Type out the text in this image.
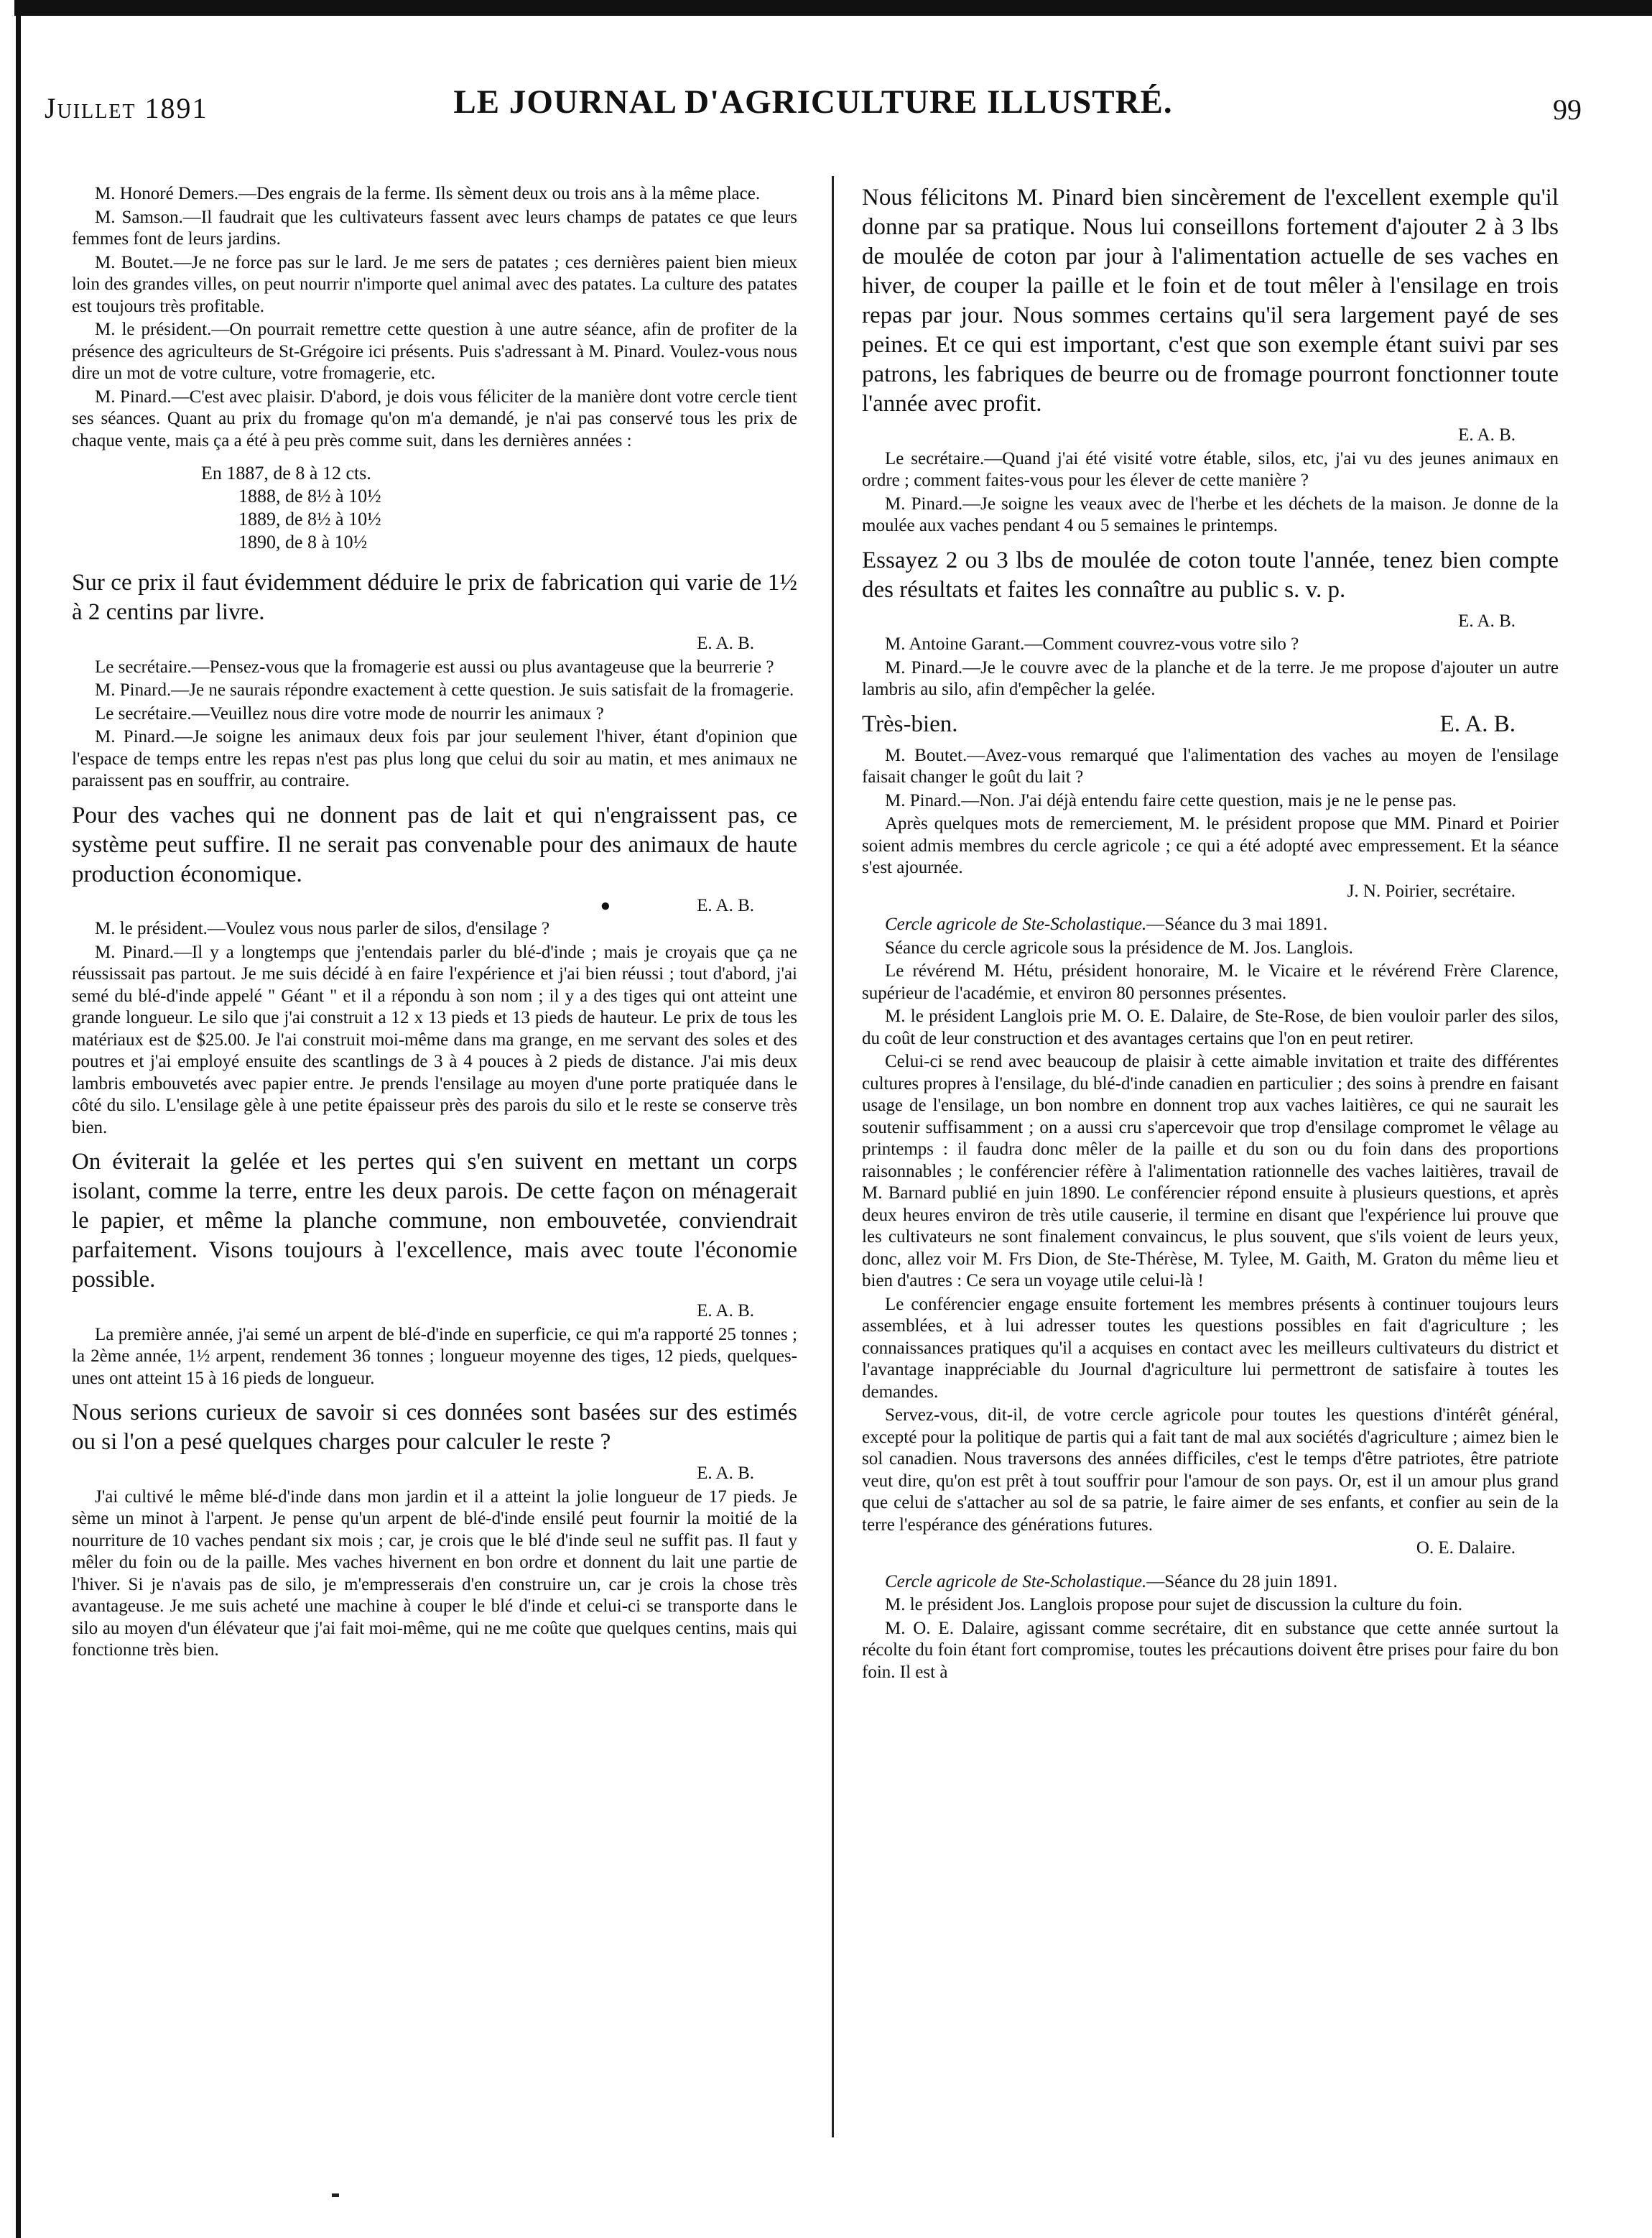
Juillet 1891	LE JOURNAL D'AGRICULTURE ILLUSTRÉ.	99

M. Honoré Demers.—Des engrais de la ferme. Ils sèment deux ou trois ans à la même place.

M. Samson.—Il faudrait que les cultivateurs fassent avec leurs champs de patates ce que leurs femmes font de leurs jardins.

M. Boutet.—Je ne force pas sur le lard. Je me sers de patates ; ces dernières paient bien mieux loin des grandes villes, on peut nourrir n'importe quel animal avec des patates. La culture des patates est toujours très profitable.

M. le président.—On pourrait remettre cette question à une autre séance, afin de profiter de la présence des agriculteurs de St-Grégoire ici présents. Puis s'adressant à M. Pinard. Voulez-vous nous dire un mot de votre culture, votre fromagerie, etc.

M. Pinard.—C'est avec plaisir. D'abord, je dois vous féliciter de la manière dont votre cercle tient ses séances. Quant au prix du fromage qu'on m'a demandé, je n'ai pas conservé tous les prix de chaque vente, mais ça a été à peu près comme suit, dans les dernières années :

En 1887, de 8 à 12 cts.
1888, de 8½ à 10½
1889, de 8½ à 10½
1890, de 8 à 10½

Sur ce prix il faut évidemment déduire le prix de fabrication qui varie de 1½ à 2 centins par livre.

E. A. B.

Le secrétaire.—Pensez-vous que la fromagerie est aussi ou plus avantageuse que la beurrerie ?

M. Pinard.—Je ne saurais répondre exactement à cette question. Je suis satisfait de la fromagerie.

Le secrétaire.—Veuillez nous dire votre mode de nourrir les animaux ?

M. Pinard.—Je soigne les animaux deux fois par jour seulement l'hiver, étant d'opinion que l'espace de temps entre les repas n'est pas plus long que celui du soir au matin, et mes animaux ne paraissent pas en souffrir, au contraire.

Pour des vaches qui ne donnent pas de lait et qui n'engraissent pas, ce système peut suffire. Il ne serait pas convenable pour des animaux de haute production économique.

●	E. A. B.

M. le président.—Voulez vous nous parler de silos, d'ensilage ?

M. Pinard.—Il y a longtemps que j'entendais parler du blé-d'inde ; mais je croyais que ça ne réussissait pas partout. Je me suis décidé à en faire l'expérience et j'ai bien réussi ; tout d'abord, j'ai semé du blé-d'inde appelé " Géant " et il a répondu à son nom ; il y a des tiges qui ont atteint une grande longueur. Le silo que j'ai construit a 12 x 13 pieds et 13 pieds de hauteur. Le prix de tous les matériaux est de $25.00. Je l'ai construit moi-même dans ma grange, en me servant des soles et des poutres et j'ai employé ensuite des scantlings de 3 à 4 pouces à 2 pieds de distance. J'ai mis deux lambris embouvetés avec papier entre. Je prends l'ensilage au moyen d'une porte pratiquée dans le côté du silo. L'ensilage gèle à une petite épaisseur près des parois du silo et le reste se conserve très bien.

On éviterait la gelée et les pertes qui s'en suivent en mettant un corps isolant, comme la terre, entre les deux parois. De cette façon on ménagerait le papier, et même la planche commune, non embouvetée, conviendrait parfaitement. Visons toujours à l'excellence, mais avec toute l'économie possible.

E. A. B.

La première année, j'ai semé un arpent de blé-d'inde en superficie, ce qui m'a rapporté 25 tonnes ; la 2ème année, 1½ arpent, rendement 36 tonnes ; longueur moyenne des tiges, 12 pieds, quelques-unes ont atteint 15 à 16 pieds de longueur.

Nous serions curieux de savoir si ces données sont basées sur des estimés ou si l'on a pesé quelques charges pour calculer le reste ?

E. A. B.

J'ai cultivé le même blé-d'inde dans mon jardin et il a atteint la jolie longueur de 17 pieds. Je sème un minot à l'arpent. Je pense qu'un arpent de blé-d'inde ensilé peut fournir la moitié de la nourriture de 10 vaches pendant six mois ; car, je crois que le blé d'inde seul ne suffit pas. Il faut y mêler du foin ou de la paille. Mes vaches hivernent en bon ordre et donnent du lait une partie de l'hiver. Si je n'avais pas de silo, je m'empresserais d'en construire un, car je crois la chose très avantageuse. Je me suis acheté une machine à couper le blé d'inde et celui-ci se transporte dans le silo au moyen d'un élévateur que j'ai fait moi-même, qui ne me coûte que quelques centins, mais qui fonctionne très bien.

Nous félicitons M. Pinard bien sincèrement de l'excellent exemple qu'il donne par sa pratique. Nous lui conseillons fortement d'ajouter 2 à 3 lbs de moulée de coton par jour à l'alimentation actuelle de ses vaches en hiver, de couper la paille et le foin et de tout mêler à l'ensilage en trois repas par jour. Nous sommes certains qu'il sera largement payé de ses peines. Et ce qui est important, c'est que son exemple étant suivi par ses patrons, les fabriques de beurre ou de fromage pourront fonctionner toute l'année avec profit.

E. A. B.

Le secrétaire.—Quand j'ai été visité votre étable, silos, etc, j'ai vu des jeunes animaux en ordre ; comment faites-vous pour les élever de cette manière ?

M. Pinard.—Je soigne les veaux avec de l'herbe et les déchets de la maison. Je donne de la moulée aux vaches pendant 4 ou 5 semaines le printemps.

Essayez 2 ou 3 lbs de moulée de coton toute l'année, tenez bien compte des résultats et faites les connaître au public s. v. p.

E. A. B.

M. Antoine Garant.—Comment couvrez-vous votre silo ?

M. Pinard.—Je le couvre avec de la planche et de la terre. Je me propose d'ajouter un autre lambris au silo, afin d'empêcher la gelée.

Très-bien.	E. A. B.

M. Boutet.—Avez-vous remarqué que l'alimentation des vaches au moyen de l'ensilage faisait changer le goût du lait ?

M. Pinard.—Non. J'ai déjà entendu faire cette question, mais je ne le pense pas.

Après quelques mots de remerciement, M. le président propose que MM. Pinard et Poirier soient admis membres du cercle agricole ; ce qui a été adopté avec empressement. Et la séance s'est ajournée.

J. N. Poirier, secrétaire.

Cercle agricole de Ste-Scholastique.—Séance du 3 mai 1891.

Séance du cercle agricole sous la présidence de M. Jos. Langlois.

Le révérend M. Hétu, président honoraire, M. le Vicaire et le révérend Frère Clarence, supérieur de l'académie, et environ 80 personnes présentes.

M. le président Langlois prie M. O. E. Dalaire, de Ste-Rose, de bien vouloir parler des silos, du coût de leur construction et des avantages certains que l'on en peut retirer.

Celui-ci se rend avec beaucoup de plaisir à cette aimable invitation et traite des différentes cultures propres à l'ensilage, du blé-d'inde canadien en particulier ; des soins à prendre en faisant usage de l'ensilage, un bon nombre en donnent trop aux vaches laitières, ce qui ne saurait les soutenir suffisamment ; on a aussi cru s'apercevoir que trop d'ensilage compromet le vêlage au printemps : il faudra donc mêler de la paille et du son ou du foin dans des proportions raisonnables ; le conférencier réfère à l'alimentation rationnelle des vaches laitières, travail de M. Barnard publié en juin 1890. Le conférencier répond ensuite à plusieurs questions, et après deux heures environ de très utile causerie, il termine en disant que l'expérience lui prouve que les cultivateurs ne sont finalement convaincus, le plus souvent, que s'ils voient de leurs yeux, donc, allez voir M. Frs Dion, de Ste-Thérèse, M. Tylee, M. Gaith, M. Graton du même lieu et bien d'autres : Ce sera un voyage utile celui-là !

Le conférencier engage ensuite fortement les membres présents à continuer toujours leurs assemblées, et à lui adresser toutes les questions possibles en fait d'agriculture ; les connaissances pratiques qu'il a acquises en contact avec les meilleurs cultivateurs du district et l'avantage inappréciable du Journal d'agriculture lui permettront de satisfaire à toutes les demandes.

Servez-vous, dit-il, de votre cercle agricole pour toutes les questions d'intérêt général, excepté pour la politique de partis qui a fait tant de mal aux sociétés d'agriculture ; aimez bien le sol canadien. Nous traversons des années difficiles, c'est le temps d'être patriotes, être patriote veut dire, qu'on est prêt à tout souffrir pour l'amour de son pays. Or, est il un amour plus grand que celui de s'attacher au sol de sa patrie, le faire aimer de ses enfants, et confier au sein de la terre l'espérance des générations futures.

O. E. Dalaire.

Cercle agricole de Ste-Scholastique.—Séance du 28 juin 1891.

M. le président Jos. Langlois propose pour sujet de discussion la culture du foin.

M. O. E. Dalaire, agissant comme secrétaire, dit en substance que cette année surtout la récolte du foin étant fort compromise, toutes les précautions doivent être prises pour faire du bon foin. Il est à
